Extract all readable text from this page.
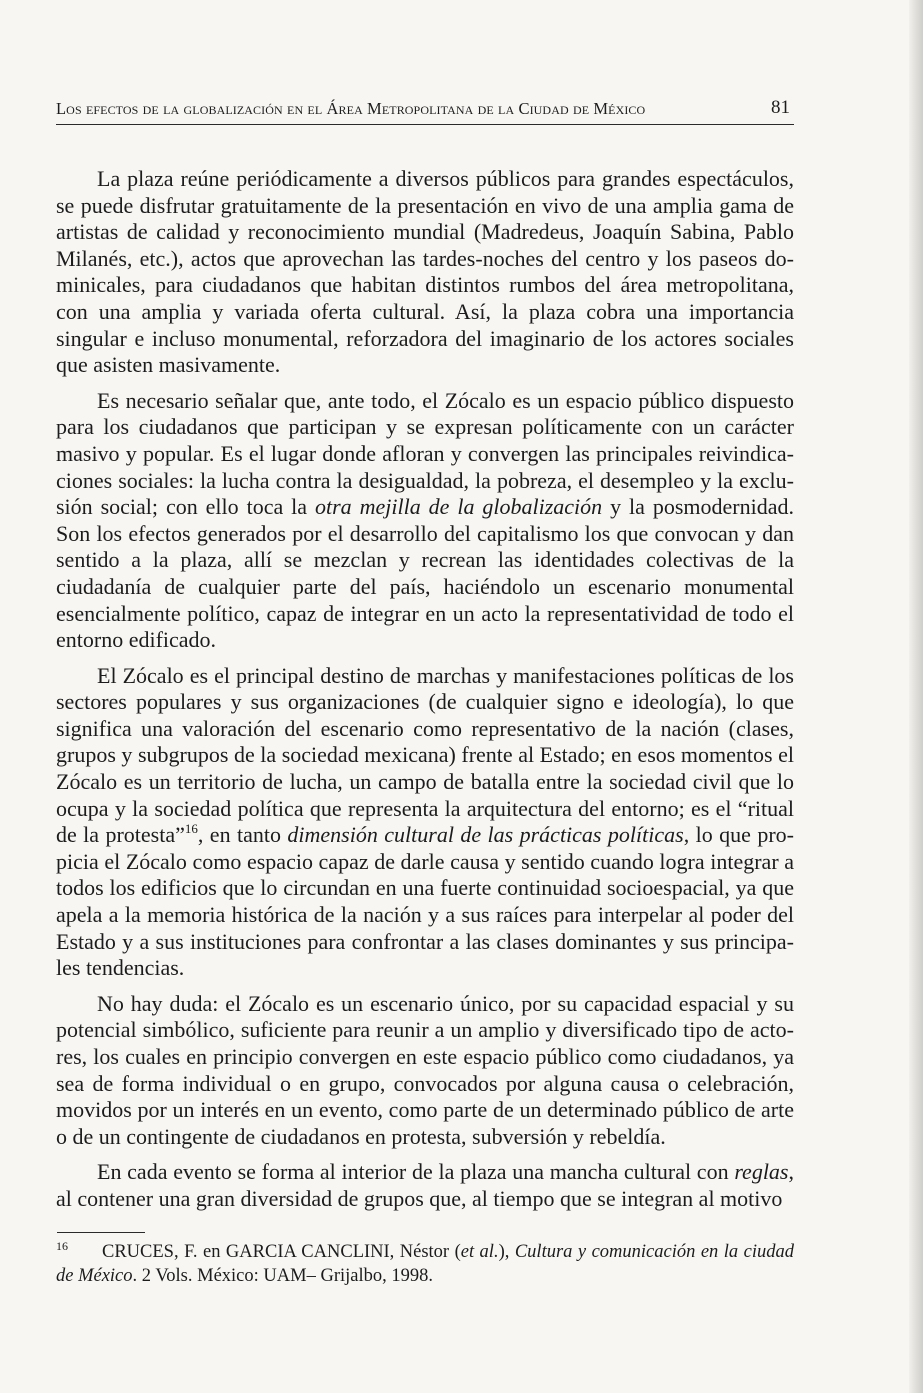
Los efectos de la globalización en el Área Metropolitana de la Ciudad de México	81

La plaza reúne periódicamente a diversos públicos para grandes espectáculos, se puede disfrutar gratuitamente de la presentación en vivo de una amplia gama de artistas de calidad y reconocimiento mundial (Madredeus, Joaquín Sabina, Pablo Milanés, etc.), actos que aprovechan las tardes-noches del centro y los paseos dominicales, para ciudadanos que habitan distintos rumbos del área metropolitana, con una amplia y variada oferta cultural. Así, la plaza cobra una importancia singular e incluso monumental, reforzadora del imaginario de los actores sociales que asisten masivamente.

Es necesario señalar que, ante todo, el Zócalo es un espacio público dispuesto para los ciudadanos que participan y se expresan políticamente con un carácter masivo y popular. Es el lugar donde afloran y convergen las principales reivindicaciones sociales: la lucha contra la desigualdad, la pobreza, el desempleo y la exclusión social; con ello toca la otra mejilla de la globalización y la posmodernidad. Son los efectos generados por el desarrollo del capitalismo los que convocan y dan sentido a la plaza, allí se mezclan y recrean las identidades colectivas de la ciudadanía de cualquier parte del país, haciéndolo un escenario monumental esencialmente político, capaz de integrar en un acto la representatividad de todo el entorno edificado.

El Zócalo es el principal destino de marchas y manifestaciones políticas de los sectores populares y sus organizaciones (de cualquier signo e ideología), lo que significa una valoración del escenario como representativo de la nación (clases, grupos y subgrupos de la sociedad mexicana) frente al Estado; en esos momentos el Zócalo es un territorio de lucha, un campo de batalla entre la sociedad civil que lo ocupa y la sociedad política que representa la arquitectura del entorno; es el “ritual de la protesta”$^{16}$, en tanto dimensión cultural de las prácticas políticas, lo que propicia el Zócalo como espacio capaz de darle causa y sentido cuando logra integrar a todos los edificios que lo circundan en una fuerte continuidad socioespacial, ya que apela a la memoria histórica de la nación y a sus raíces para interpelar al poder del Estado y a sus instituciones para confrontar a las clases dominantes y sus principales tendencias.

No hay duda: el Zócalo es un escenario único, por su capacidad espacial y su potencial simbólico, suficiente para reunir a un amplio y diversificado tipo de actores, los cuales en principio convergen en este espacio público como ciudadanos, ya sea de forma individual o en grupo, convocados por alguna causa o celebración, movidos por un interés en un evento, como parte de un determinado público de arte o de un contingente de ciudadanos en protesta, subversión y rebeldía.

En cada evento se forma al interior de la plaza una mancha cultural con reglas, al contener una gran diversidad de grupos que, al tiempo que se integran al motivo

16 CRUCES, F. en GARCIA CANCLINI, Néstor (et al.), Cultura y comunicación en la ciudad de México. 2 Vols. México: UAM– Grijalbo, 1998.
